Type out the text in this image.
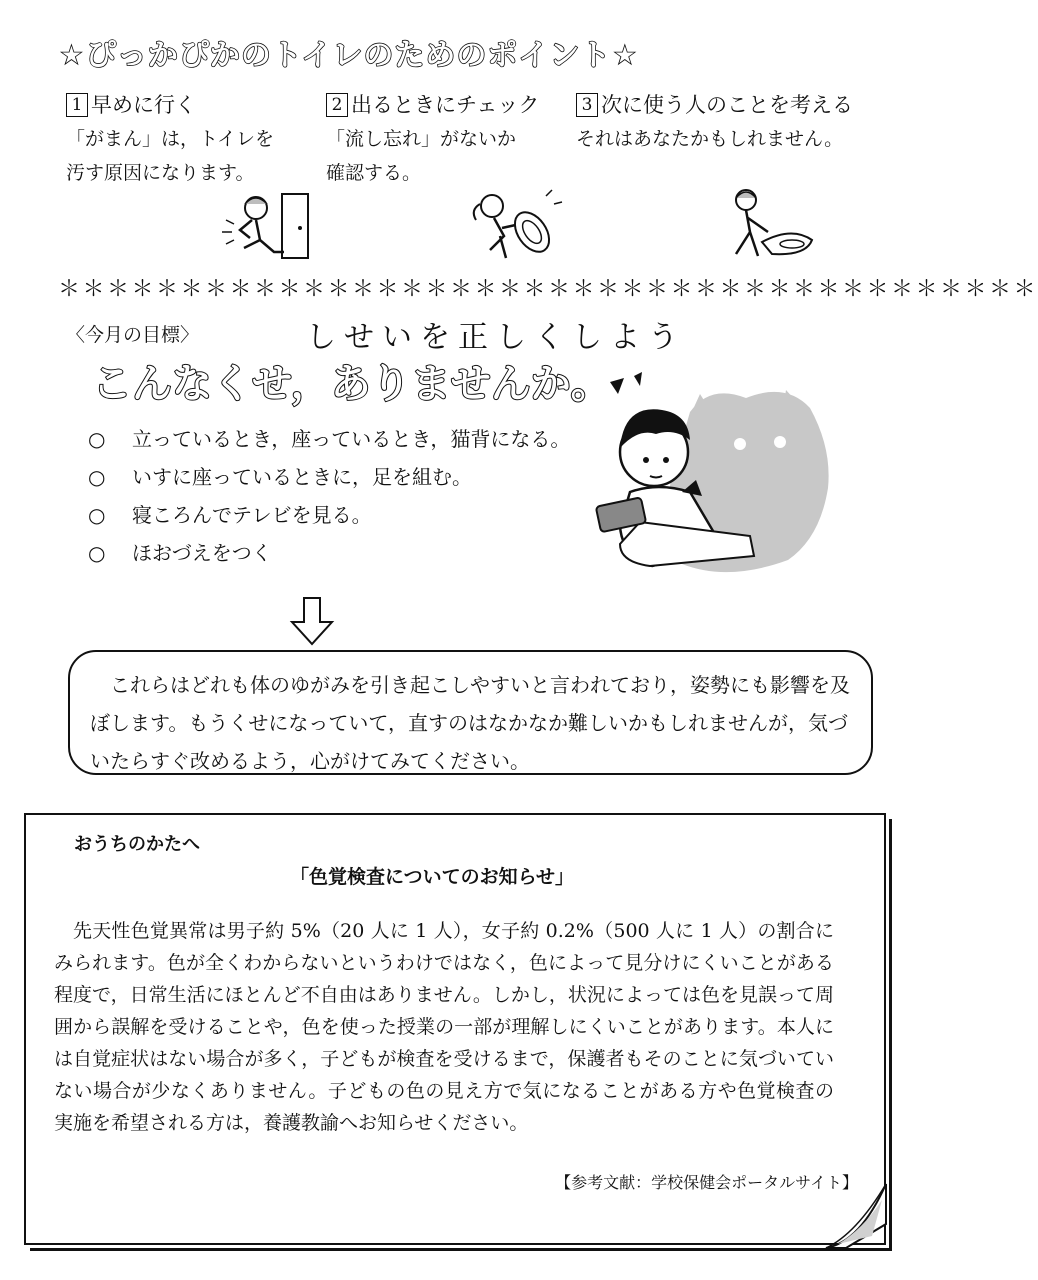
☆ぴっかぴかのトイレのためのポイント☆
1 早めに行く
「がまん」は，トイレを
汚す原因になります。
2 出るときにチェック
「流し忘れ」がないか
確認する。
3 次に使う人のことを考える
それはあなたかもしれません。
＊＊＊＊＊＊＊＊＊＊＊＊＊＊＊＊＊＊＊＊＊＊＊＊＊＊＊＊＊＊＊＊＊＊＊＊＊＊＊＊
〈今月の目標〉	しせいを正しくしよう
こんなくせ，ありませんか。
○ 立っているとき，座っているとき，猫背になる。
○ いすに座っているときに，足を組む。
○ 寝ころんでテレビを見る。
○ ほおづえをつく
これらはどれも体のゆがみを引き起こしやすいと言われており，姿勢にも影響を及ぼします。もうくせになっていて，直すのはなかなか難しいかもしれませんが，気づいたらすぐ改めるよう，心がけてみてください。
おうちのかたへ
「色覚検査についてのお知らせ」
先天性色覚異常は男子約 5%（20 人に 1 人），女子約 0.2%（500 人に 1 人）の割合にみられます。色が全くわからないというわけではなく，色によって見分けにくいことがある程度で，日常生活にほとんど不自由はありません。しかし，状況によっては色を見誤って周囲から誤解を受けることや，色を使った授業の一部が理解しにくいことがあります。本人には自覚症状はない場合が多く，子どもが検査を受けるまで，保護者もそのことに気づいていない場合が少なくありません。子どもの色の見え方で気になることがある方や色覚検査の実施を希望される方は，養護教諭へお知らせください。
【参考文献：学校保健会ポータルサイト】
